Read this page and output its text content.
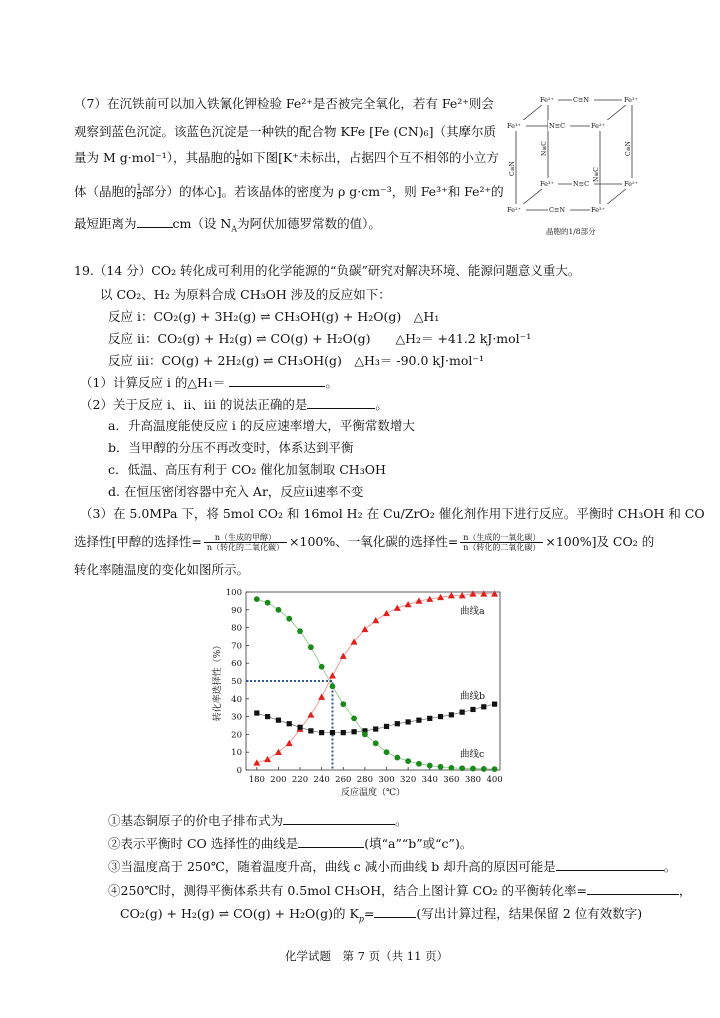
（7）在沉铁前可以加入铁氰化钾检验 Fe²⁺是否被完全氧化，若有 Fe²⁺则会
观察到蓝色沉淀。该蓝色沉淀是一种铁的配合物 KFe [Fe (CN)₆]（其摩尔质
量为 M g·mol⁻¹），其晶胞的 $\frac{1}{8}$ 如下图[K⁺未标出，占据四个互不相邻的小立方
体（晶胞的 $\frac{1}{8}$ 部分）的体心]。若该晶体的密度为 ρ g·cm⁻³，则 Fe³⁺和 Fe²⁺的
最短距离为	cm（设 $N_A$为阿伏加德罗常数的值）。
Fe²⁺	Fe³⁺
Fe³⁺	Fe²⁺
Fe³⁺	Fe²⁺
Fe²⁺	Fe³⁺
C≡N
N≡C
N≡C
C≡N
C≡N
N≡C
N≡C
C≡N
晶胞的1/8部分
19.（14 分）CO₂ 转化成可利用的化学能源的“负碳”研究对解决环境、能源问题意义重大。
以 CO₂、H₂ 为原料合成 CH₃OH 涉及的反应如下：
反应 i：CO₂(g) + 3H₂(g) ⇌ CH₃OH(g) + H₂O(g)　△H₁
反应 ii：CO₂(g) + H₂(g) ⇌ CO(g) + H₂O(g)　　△H₂＝ +41.2 kJ·mol⁻¹
反应 iii：CO(g) + 2H₂(g) ⇌ CH₃OH(g)　△H₃＝ -90.0 kJ·mol⁻¹
（1）计算反应 i 的△H₁＝	。
（2）关于反应 i、ii、iii 的说法正确的是	。
a．升高温度能使反应 i 的反应速率增大，平衡常数增大
b．当甲醇的分压不再改变时，体系达到平衡
c．低温、高压有利于 CO₂ 催化加氢制取 CH₃OH
d. 在恒压密闭容器中充入 Ar，反应ii速率不变
（3）在 5.0MPa 下，将 5mol CO₂ 和 16mol H₂ 在 Cu/ZrO₂ 催化剂作用下进行反应。平衡时 CH₃OH 和 CO
选择性[甲醇的选择性= $\frac{\text{n（生成的甲醇）}}{\text{n（转化的二氧化碳）}} \times 100\%$、一氧化碳的选择性= $\frac{\text{n（生成的一氧化碳）}}{\text{n（转化的二氧化碳）}} \times 100\%$]及 CO₂ 的
转化率随温度的变化如图所示。
0
10
20
30
40
50
60
70
80
90
100
180 200 220 240 260 280 300 320 340 360 380 400
反应温度（℃）
转化率选择性（%）
曲线a
曲线b
曲线c
①基态铜原子的价电子排布式为	。
②表示平衡时 CO 选择性的曲线是	(填“a”“b”或“c”)。
③当温度高于 250℃，随着温度升高，曲线 c 减小而曲线 b 却升高的原因可能是	。
④250℃时，测得平衡体系共有 0.5mol CH₃OH，结合上图计算 CO₂ 的平衡转化率=	，
CO₂(g) + H₂(g) ⇌ CO(g) + H₂O(g)的 $K_p=$	(写出计算过程，结果保留 2 位有效数字)
化学试题　第 7 页（共 11 页）
